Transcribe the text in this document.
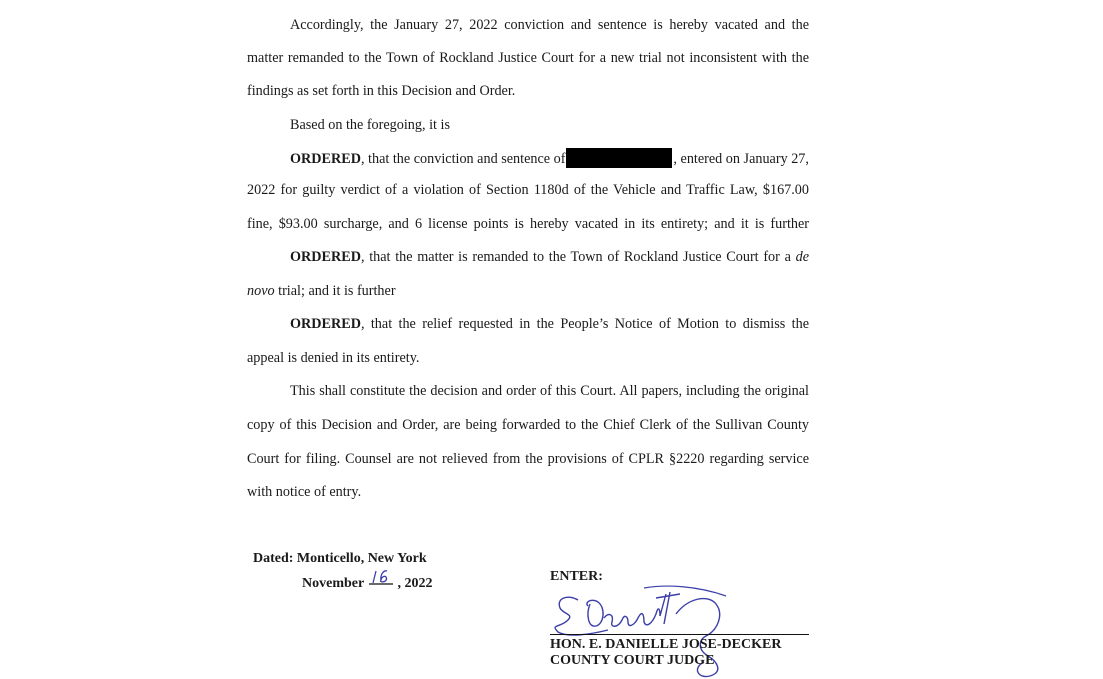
Accordingly, the January 27, 2022 conviction and sentence is hereby vacated and the
matter remanded to the Town of Rockland Justice Court for a new trial not inconsistent with the
findings as set forth in this Decision and Order.
Based on the foregoing, it is
ORDERED, that the conviction and sentence of	, entered on January 27,
2022 for guilty verdict of a violation of Section 1180d of the Vehicle and Traffic Law, $167.00
fine, $93.00 surcharge, and 6 license points is hereby vacated in its entirety; and it is further
ORDERED, that the matter is remanded to the Town of Rockland Justice Court for a de
novo trial; and it is further
ORDERED, that the relief requested in the People’s Notice of Motion to dismiss the
appeal is denied in its entirety.
This shall constitute the decision and order of this Court. All papers, including the original
copy of this Decision and Order, are being forwarded to the Chief Clerk of the Sullivan County
Court for filing. Counsel are not relieved from the provisions of CPLR §2220 regarding service
with notice of entry.
Dated: Monticello, New York
November , 2022	ENTER:
HON. E. DANIELLE JOSE-DECKER
COUNTY COURT JUDGE
